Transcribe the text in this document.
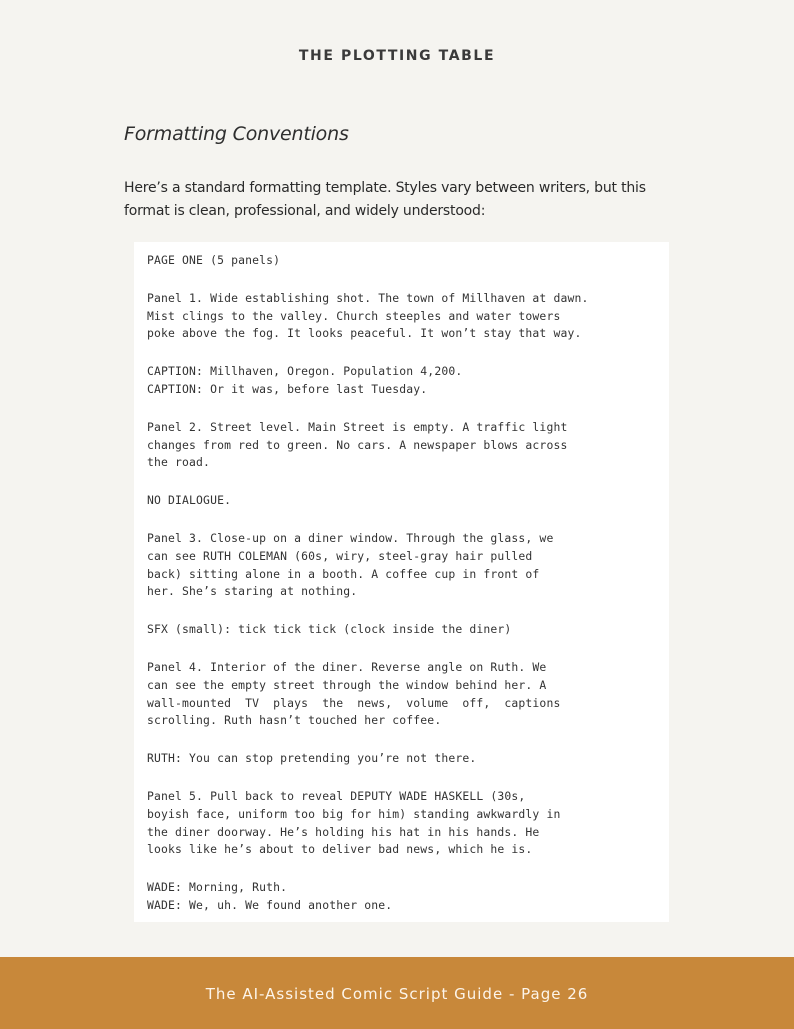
THE PLOTTING TABLE
Formatting Conventions

Here’s a standard formatting template. Styles vary between writers, but this

format is clean, professional, and widely understood:

PAGE ONE (5 panels)
Panel 1. Wide establishing shot. The town of Millhaven at dawn.
Mist clings to the valley. Church steeples and water towers
poke above the fog. It looks peaceful. It won’t stay that way.
CAPTION: Millhaven, Oregon. Population 4,200.
CAPTION: Or it was, before last Tuesday.
Panel 2. Street level. Main Street is empty. A traffic light
changes from red to green. No cars. A newspaper blows across
the road.
NO DIALOGUE.
Panel 3. Close-up on a diner window. Through the glass, we
can see RUTH COLEMAN (60s, wiry, steel-gray hair pulled
back) sitting alone in a booth. A coffee cup in front of
her. She’s staring at nothing.
SFX (small): tick tick tick (clock inside the diner)
Panel 4. Interior of the diner. Reverse angle on Ruth. We
can see the empty street through the window behind her. A
wall-mounted  TV  plays  the  news,  volume  off,  captions
scrolling. Ruth hasn’t touched her coffee.
RUTH: You can stop pretending you’re not there.
Panel 5. Pull back to reveal DEPUTY WADE HASKELL (30s,
boyish face, uniform too big for him) standing awkwardly in
the diner doorway. He’s holding his hat in his hands. He
looks like he’s about to deliver bad news, which he is.
WADE: Morning, Ruth.
WADE: We, uh. We found another one.
The AI-Assisted Comic Script Guide - Page 26
